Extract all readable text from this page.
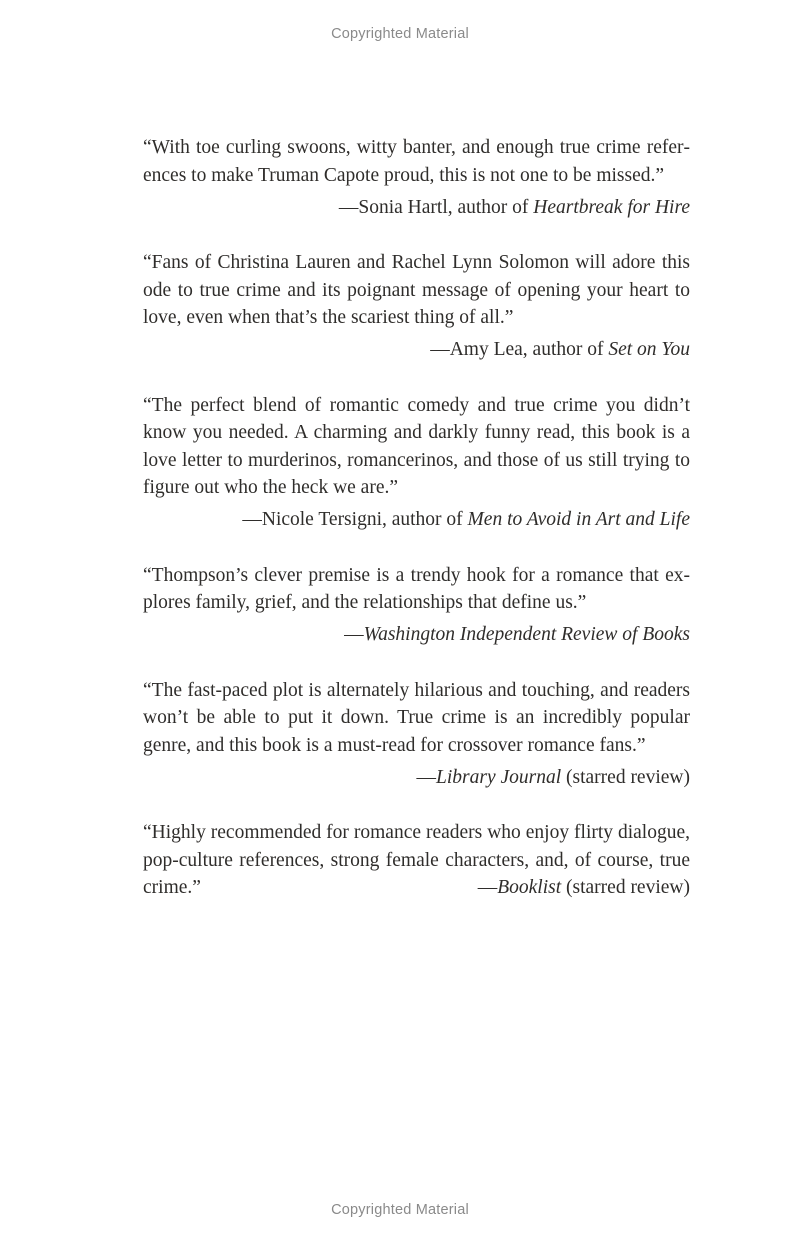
Copyrighted Material

“With toe curling swoons, witty banter, and enough true crime references to make Truman Capote proud, this is not one to be missed.”

—Sonia Hartl, author of Heartbreak for Hire

“Fans of Christina Lauren and Rachel Lynn Solomon will adore this ode to true crime and its poignant message of opening your heart to love, even when that’s the scariest thing of all.”

—Amy Lea, author of Set on You

“The perfect blend of romantic comedy and true crime you didn’t know you needed. A charming and darkly funny read, this book is a love letter to murderinos, romancerinos, and those of us still trying to figure out who the heck we are.”

—Nicole Tersigni, author of Men to Avoid in Art and Life

“Thompson’s clever premise is a trendy hook for a romance that explores family, grief, and the relationships that define us.”

—Washington Independent Review of Books

“The fast-paced plot is alternately hilarious and touching, and readers won’t be able to put it down. True crime is an incredibly popular genre, and this book is a must-read for crossover romance fans.”

—Library Journal (starred review)

“Highly recommended for romance readers who enjoy flirty dialogue, pop-culture references, strong female characters, and, of course, true crime.”	—Booklist (starred review)

Copyrighted Material
